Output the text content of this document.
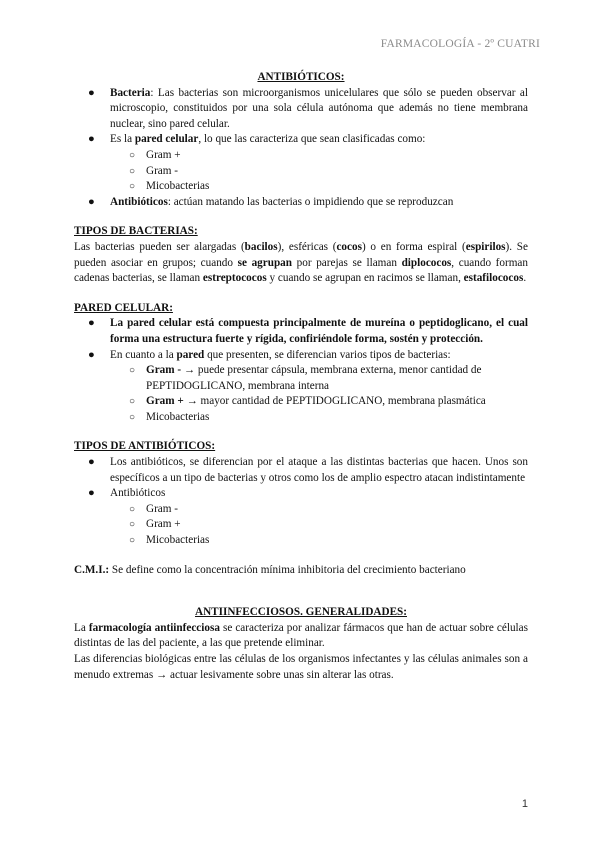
FARMACOLOGÍA - 2º CUATRI

ANTIBIÓTICOS:

● Bacteria: Las bacterias son microorganismos unicelulares que sólo se pueden observar al microscopio, constituidos por una sola célula autónoma que además no tiene membrana nuclear, sino pared celular.
● Es la pared celular, lo que las caracteriza que sean clasificadas como:
○ Gram +
○ Gram -
○ Micobacterias
● Antibióticos: actúan matando las bacterias o impidiendo que se reproduzcan

TIPOS DE BACTERIAS:

Las bacterias pueden ser alargadas (bacilos), esféricas (cocos) o en forma espiral (espirilos). Se pueden asociar en grupos; cuando se agrupan por parejas se llaman diplococos, cuando forman cadenas bacterias, se llaman estreptococos y cuando se agrupan en racimos se llaman, estafilococos.

PARED CELULAR:

● La pared celular está compuesta principalmente de mureína o peptidoglicano, el cual forma una estructura fuerte y rígida, confiriéndole forma, sostén y protección.
● En cuanto a la pared que presenten, se diferencian varios tipos de bacterias:
○ Gram - → puede presentar cápsula, membrana externa, menor cantidad de PEPTIDOGLICANO, membrana interna
○ Gram + → mayor cantidad de PEPTIDOGLICANO, membrana plasmática
○ Micobacterias

TIPOS DE ANTIBIÓTICOS:

● Los antibióticos, se diferencian por el ataque a las distintas bacterias que hacen. Unos son específicos a un tipo de bacterias y otros como los de amplio espectro atacan indistintamente
● Antibióticos
○ Gram -
○ Gram +
○ Micobacterias

C.M.I.: Se define como la concentración mínima inhibitoria del crecimiento bacteriano

ANTIINFECCIOSOS. GENERALIDADES:

La farmacología antiinfecciosa se caracteriza por analizar fármacos que han de actuar sobre células distintas de las del paciente, a las que pretende eliminar.

Las diferencias biológicas entre las células de los organismos infectantes y las células animales son a menudo extremas → actuar lesivamente sobre unas sin alterar las otras.

1
